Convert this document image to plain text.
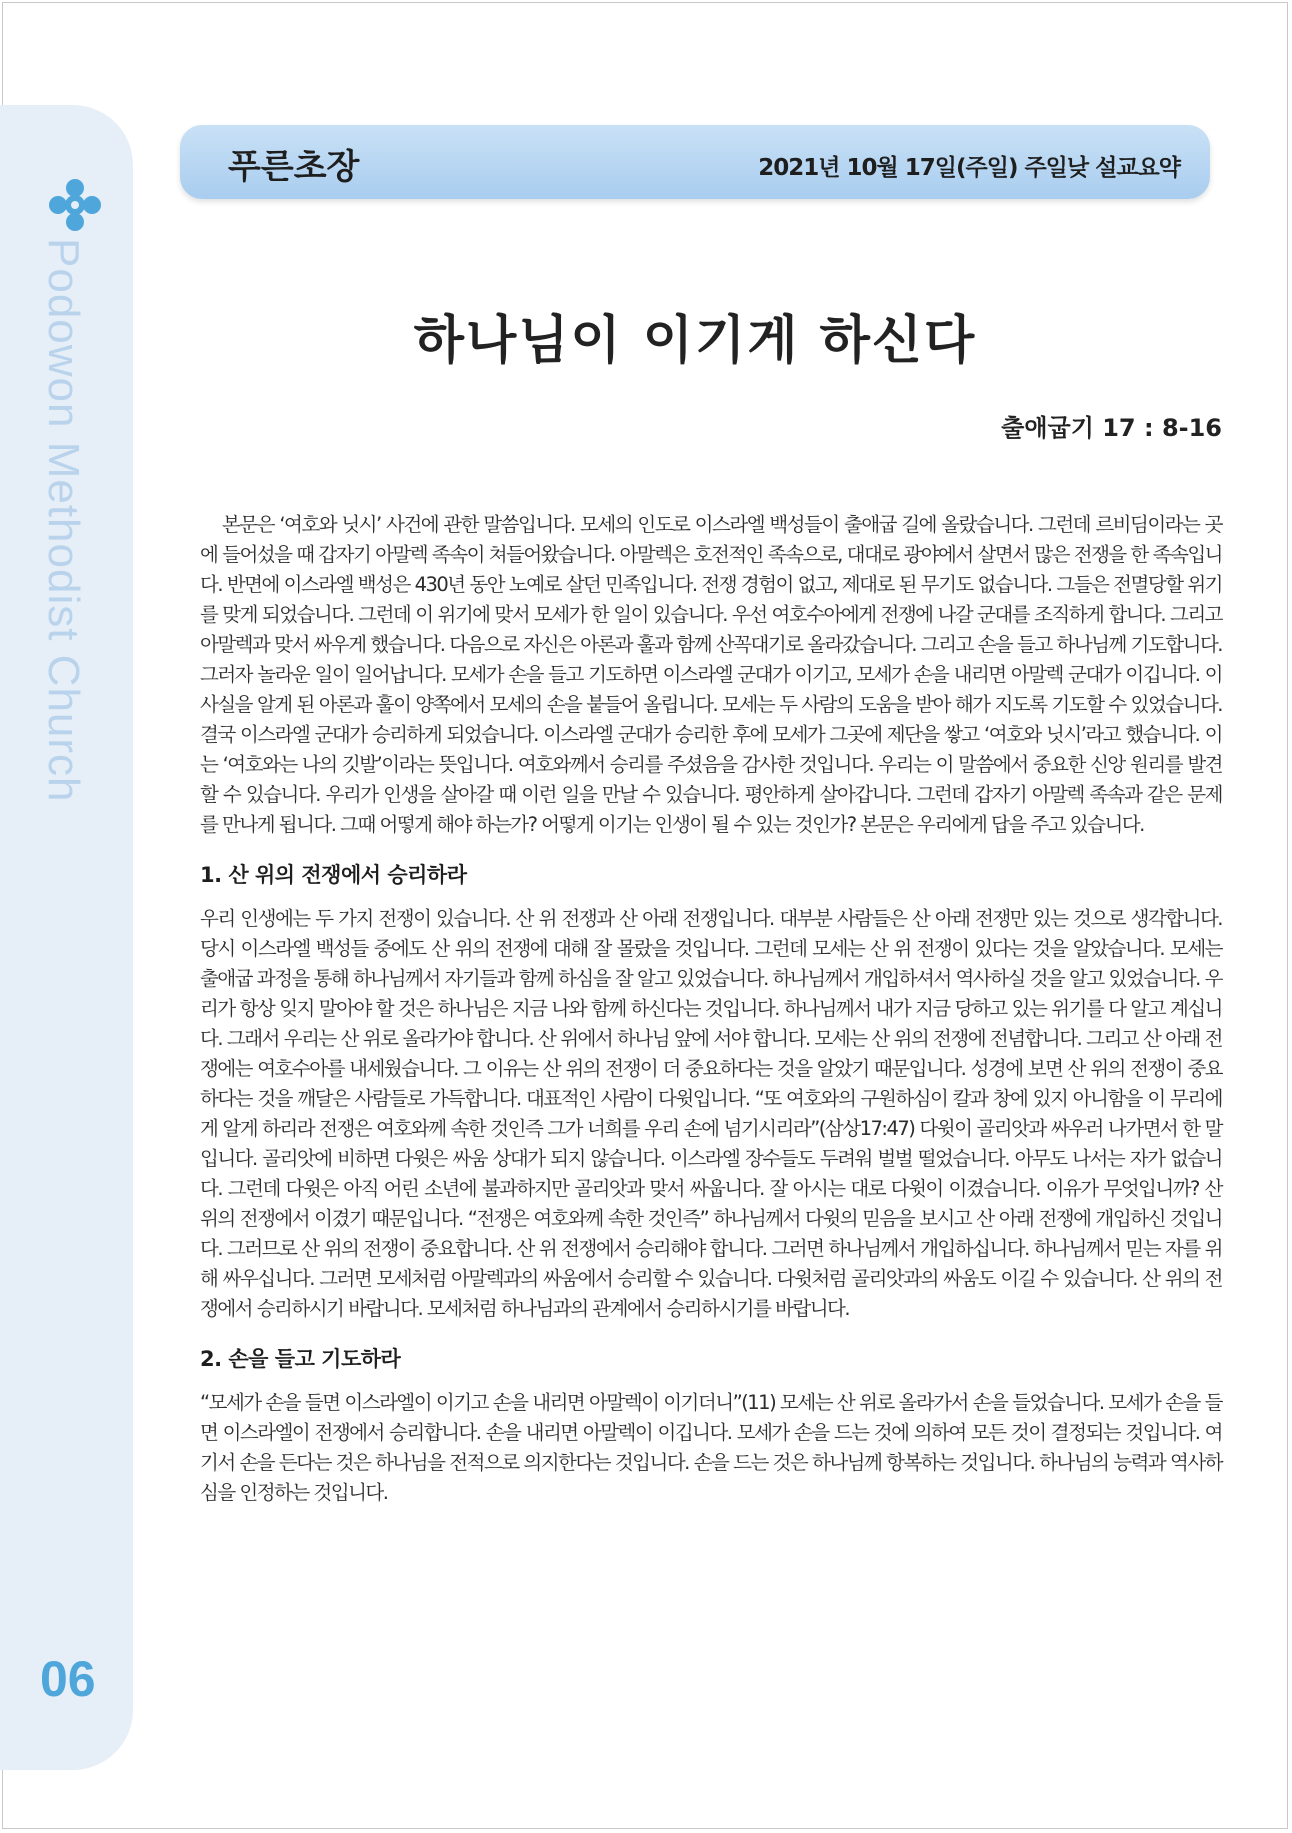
Podowon Methodist Church
06
푸른초장	2021년 10월 17일(주일) 주일낮 설교요약
하나님이 이기게 하신다
출애굽기 17 : 8-16

본문은 ‘여호와 닛시’ 사건에 관한 말씀입니다. 모세의 인도로 이스라엘 백성들이 출애굽 길에 올랐습니다. 그런데 르비딤이라는 곳에 들어섰을 때 갑자기 아말렉 족속이 쳐들어왔습니다. 아말렉은 호전적인 족속으로, 대대로 광야에서 살면서 많은 전쟁을 한 족속입니다. 반면에 이스라엘 백성은 430년 동안 노예로 살던 민족입니다. 전쟁 경험이 없고, 제대로 된 무기도 없습니다. 그들은 전멸당할 위기를 맞게 되었습니다. 그런데 이 위기에 맞서 모세가 한 일이 있습니다. 우선 여호수아에게 전쟁에 나갈 군대를 조직하게 합니다. 그리고 아말렉과 맞서 싸우게 했습니다. 다음으로 자신은 아론과 훌과 함께 산꼭대기로 올라갔습니다. 그리고 손을 들고 하나님께 기도합니다. 그러자 놀라운 일이 일어납니다. 모세가 손을 들고 기도하면 이스라엘 군대가 이기고, 모세가 손을 내리면 아말렉 군대가 이깁니다. 이 사실을 알게 된 아론과 훌이 양쪽에서 모세의 손을 붙들어 올립니다. 모세는 두 사람의 도움을 받아 해가 지도록 기도할 수 있었습니다. 결국 이스라엘 군대가 승리하게 되었습니다. 이스라엘 군대가 승리한 후에 모세가 그곳에 제단을 쌓고 ‘여호와 닛시’라고 했습니다. 이는 ‘여호와는 나의 깃발’이라는 뜻입니다. 여호와께서 승리를 주셨음을 감사한 것입니다. 우리는 이 말씀에서 중요한 신앙 원리를 발견할 수 있습니다. 우리가 인생을 살아갈 때 이런 일을 만날 수 있습니다. 평안하게 살아갑니다. 그런데 갑자기 아말렉 족속과 같은 문제를 만나게 됩니다. 그때 어떻게 해야 하는가? 어떻게 이기는 인생이 될 수 있는 것인가? 본문은 우리에게 답을 주고 있습니다.

1. 산 위의 전쟁에서 승리하라

우리 인생에는 두 가지 전쟁이 있습니다. 산 위 전쟁과 산 아래 전쟁입니다. 대부분 사람들은 산 아래 전쟁만 있는 것으로 생각합니다. 당시 이스라엘 백성들 중에도 산 위의 전쟁에 대해 잘 몰랐을 것입니다. 그런데 모세는 산 위 전쟁이 있다는 것을 알았습니다. 모세는 출애굽 과정을 통해 하나님께서 자기들과 함께 하심을 잘 알고 있었습니다. 하나님께서 개입하셔서 역사하실 것을 알고 있었습니다. 우리가 항상 잊지 말아야 할 것은 하나님은 지금 나와 함께 하신다는 것입니다. 하나님께서 내가 지금 당하고 있는 위기를 다 알고 계십니다. 그래서 우리는 산 위로 올라가야 합니다. 산 위에서 하나님 앞에 서야 합니다. 모세는 산 위의 전쟁에 전념합니다. 그리고 산 아래 전쟁에는 여호수아를 내세웠습니다. 그 이유는 산 위의 전쟁이 더 중요하다는 것을 알았기 때문입니다. 성경에 보면 산 위의 전쟁이 중요하다는 것을 깨달은 사람들로 가득합니다. 대표적인 사람이 다윗입니다. “또 여호와의 구원하심이 칼과 창에 있지 아니함을 이 무리에게 알게 하리라 전쟁은 여호와께 속한 것인즉 그가 너희를 우리 손에 넘기시리라”(삼상17:47) 다윗이 골리앗과 싸우러 나가면서 한 말입니다. 골리앗에 비하면 다윗은 싸움 상대가 되지 않습니다. 이스라엘 장수들도 두려워 벌벌 떨었습니다. 아무도 나서는 자가 없습니다. 그런데 다윗은 아직 어린 소년에 불과하지만 골리앗과 맞서 싸웁니다. 잘 아시는 대로 다윗이 이겼습니다. 이유가 무엇입니까? 산 위의 전쟁에서 이겼기 때문입니다. “전쟁은 여호와께 속한 것인즉” 하나님께서 다윗의 믿음을 보시고 산 아래 전쟁에 개입하신 것입니다. 그러므로 산 위의 전쟁이 중요합니다. 산 위 전쟁에서 승리해야 합니다. 그러면 하나님께서 개입하십니다. 하나님께서 믿는 자를 위해 싸우십니다. 그러면 모세처럼 아말렉과의 싸움에서 승리할 수 있습니다. 다윗처럼 골리앗과의 싸움도 이길 수 있습니다. 산 위의 전쟁에서 승리하시기 바랍니다. 모세처럼 하나님과의 관계에서 승리하시기를 바랍니다.

2. 손을 들고 기도하라

“모세가 손을 들면 이스라엘이 이기고 손을 내리면 아말렉이 이기더니”(11) 모세는 산 위로 올라가서 손을 들었습니다. 모세가 손을 들면 이스라엘이 전쟁에서 승리합니다. 손을 내리면 아말렉이 이깁니다. 모세가 손을 드는 것에 의하여 모든 것이 결정되는 것입니다. 여기서 손을 든다는 것은 하나님을 전적으로 의지한다는 것입니다. 손을 드는 것은 하나님께 항복하는 것입니다. 하나님의 능력과 역사하심을 인정하는 것입니다.
